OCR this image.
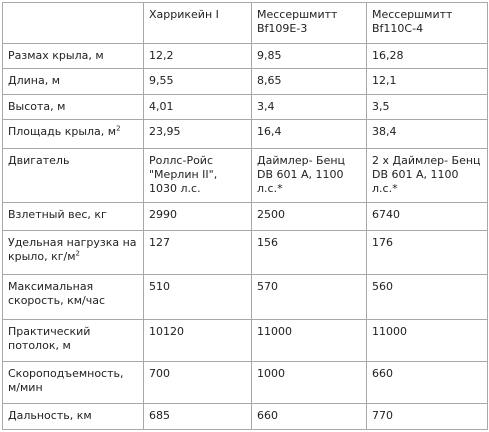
	Харрикейн I	Мессершмитт Bf109E-3	Мессершмитт Bf110C-4
Размах крыла, м	12,2	9,85	16,28
Длина, м	9,55	8,65	12,1
Высота, м	4,01	3,4	3,5
Площадь крыла, $м^2$	23,95	16,4	38,4
Двигатель	Роллс-Ройс "Мерлин II", 1030 л.с.	Даймлер- Бенц DB 601 A, 1100 л.с.*	2 х Даймлер- Бенц DB 601 A, 1100 л.с.*
Взлетный вес, кг	2990	2500	6740
Удельная нагрузка на крыло, $кг/м^2$	127	156	176
Максимальная скорость, км/час	510	570	560
Практический потолок, м	10120	11000	11000
Скороподъемность, м/мин	700	1000	660
Дальность, км	685	660	770
